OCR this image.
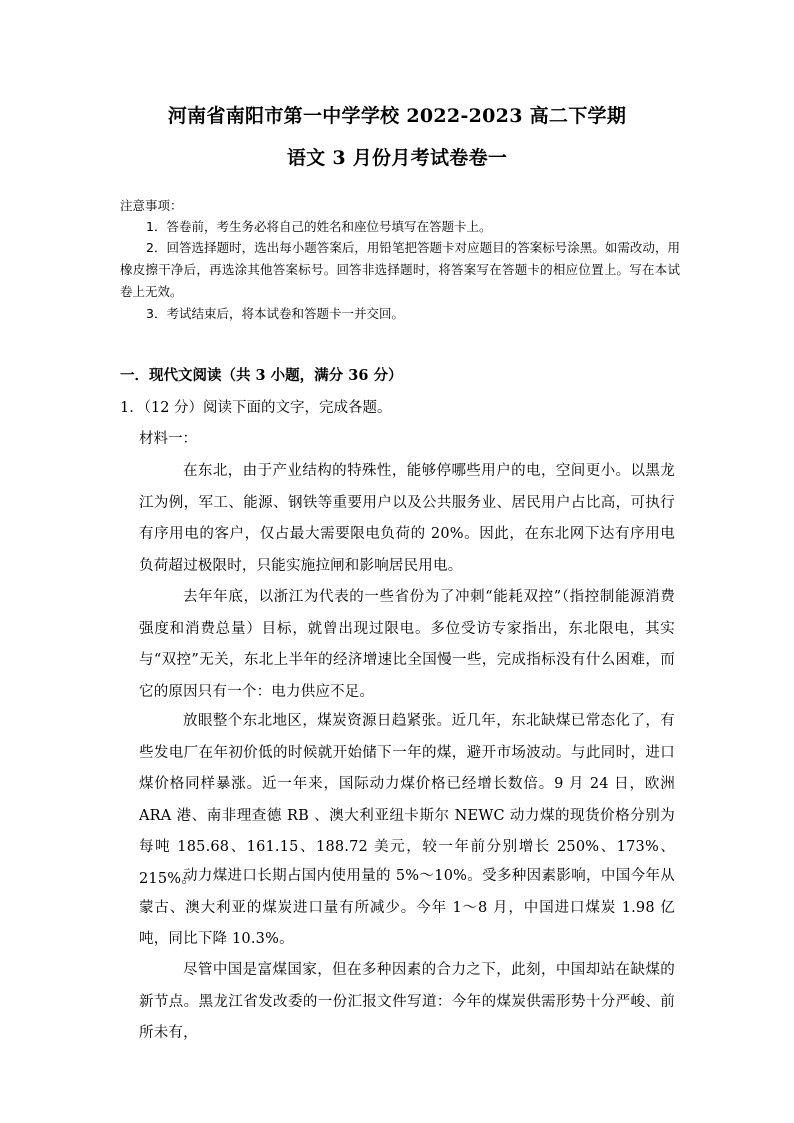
河南省南阳市第一中学学校 2022-2023 高二下学期
语文 3 月份月考试卷卷一
注意事项：
1．答卷前，考生务必将自己的姓名和座位号填写在答题卡上。
2．回答选择题时，选出每小题答案后，用铅笔把答题卡对应题目的答案标号涂黑。如需改动，用橡皮擦干净后，再选涂其他答案标号。回答非选择题时，将答案写在答题卡的相应位置上。写在本试卷上无效。
3．考试结束后，将本试卷和答题卡一并交回。
一．现代文阅读（共 3 小题，满分 36 分）
1．（12 分）阅读下面的文字，完成各题。
材料一：
在东北，由于产业结构的特殊性，能够停哪些用户的电，空间更小。以黑龙江为例，军工、能源、钢铁等重要用户以及公共服务业、居民用户占比高，可执行有序用电的客户，仅占最大需要限电负荷的 20%。因此，在东北网下达有序用电负荷超过极限时，只能实施拉闸和影响居民用电。
去年年底，以浙江为代表的一些省份为了冲刺“能耗双控”（指控制能源消费强度和消费总量）目标，就曾出现过限电。多位受访专家指出，东北限电，其实与“双控”无关，东北上半年的经济增速比全国慢一些，完成指标没有什么困难，而它的原因只有一个：电力供应不足。
放眼整个东北地区，煤炭资源日趋紧张。近几年，东北缺煤已常态化了，有些发电厂在年初价低的时候就开始储下一年的煤，避开市场波动。与此同时，进口煤价格同样暴涨。近一年来，国际动力煤价格已经增长数倍。9 月 24 日，欧洲 ARA 港、南非理查德 RB 、澳大利亚纽卡斯尔 NEWC 动力煤的现货价格分别为每吨 185.68、161.15、188.72 美元，较一年前分别增长 250%、173%、215%。
动力煤进口长期占国内使用量的 5%～10%。受多种因素影响，中国今年从蒙古、澳大利亚的煤炭进口量有所减少。今年 1～8 月，中国进口煤炭 1.98 亿吨，同比下降 10.3%。
尽管中国是富煤国家，但在多种因素的合力之下，此刻，中国却站在缺煤的新节点。黑龙江省发改委的一份汇报文件写道：今年的煤炭供需形势十分严峻、前所未有，
